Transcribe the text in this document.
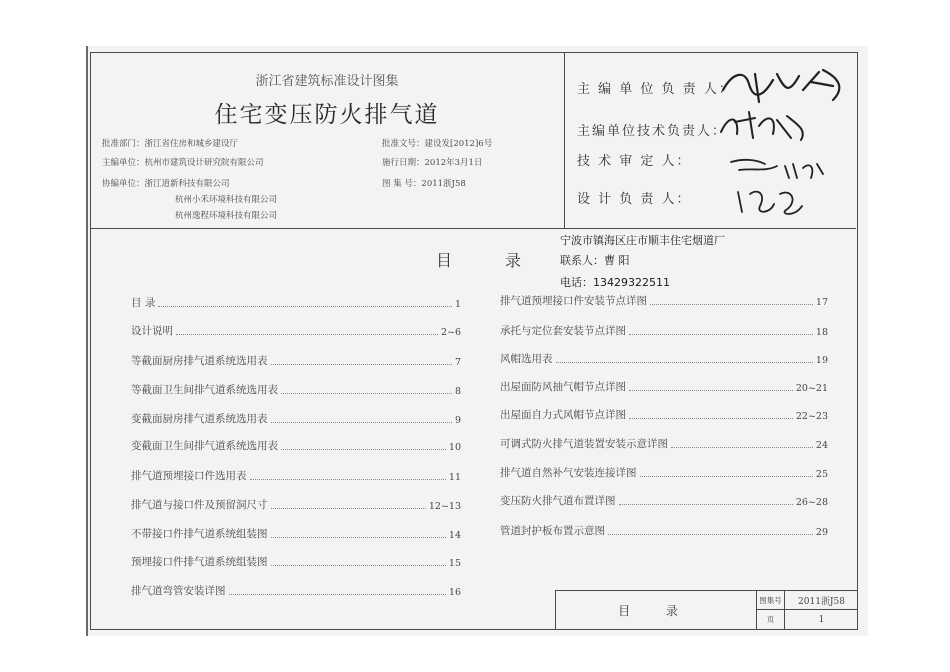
浙江省建筑标准设计图集
住宅变压防火排气道
批准部门：浙江省住房和城乡建设厅
主编单位：杭州市建筑设计研究院有限公司
协编单位：浙江逍新科技有限公司
杭州小禾环境科技有限公司
杭州逸程环境科技有限公司
批准文号：建设发[2012]6号
施行日期：2012年3月1日
图 集 号：2011浙J58
主 编 单 位 负 责 人：
主编单位技术负责人：
技 术 审 定 人：
设 计 负 责 人：
目	录
宁波市镇海区庄市顺丰住宅烟道厂
联系人：曹 阳
电话：13429322511
目 录	1
设计说明	2~6
等截面厨房排气道系统选用表	7
等截面卫生间排气道系统选用表	8
变截面厨房排气道系统选用表	9
变截面卫生间排气道系统选用表	10
排气道预埋接口件选用表	11
排气道与接口件及预留洞尺寸	12~13
不带接口件排气道系统组装图	14
预埋接口件排气道系统组装图	15
排气道弯管安装详图	16
排气道预埋接口件安装节点详图	17
承托与定位套安装节点详图	18
风帽选用表	19
出屋面防风抽气帽节点详图	20~21
出屋面自力式风帽节点详图	22~23
可调式防火排气道装置安装示意详图	24
排气道自然补气安装连接详图	25
变压防火排气道布置详图	26~28
管道封护板布置示意图	29
目 录
图集号	2011浙J58
页	1
